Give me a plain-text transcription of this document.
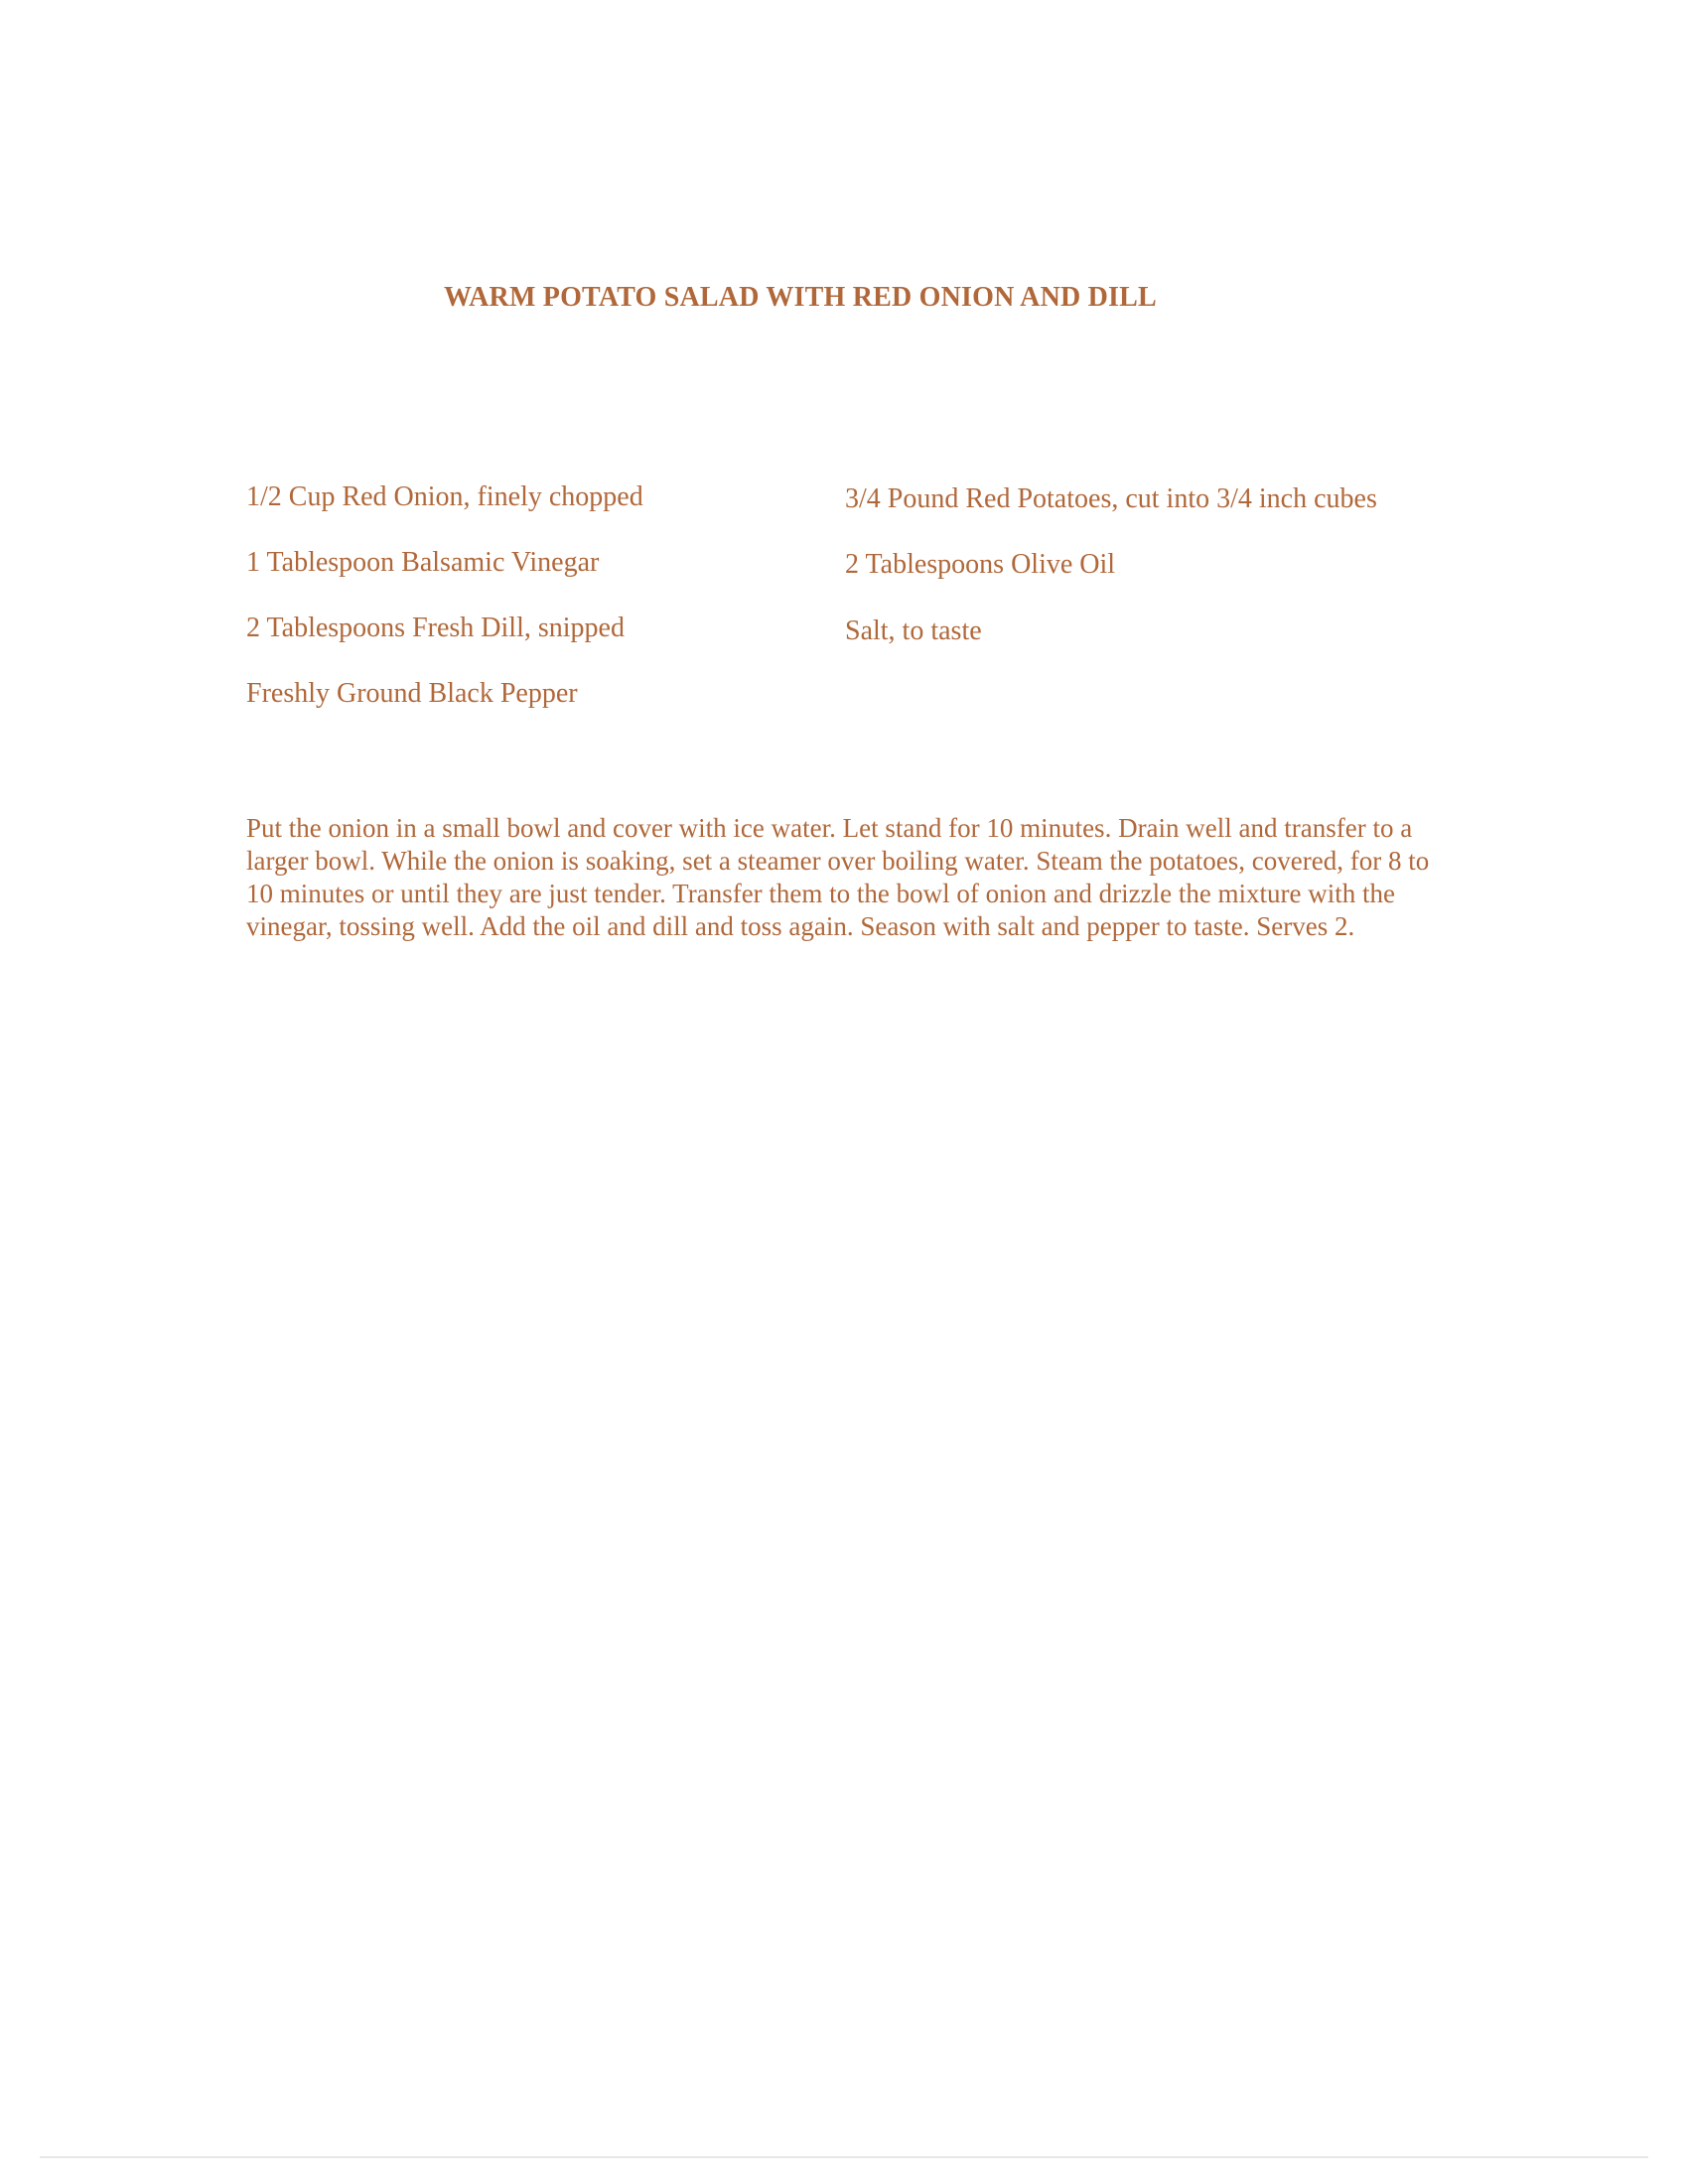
WARM POTATO SALAD WITH RED ONION AND DILL
1/2 Cup Red Onion, finely chopped
1 Tablespoon Balsamic Vinegar
2 Tablespoons Fresh Dill, snipped
Freshly Ground Black Pepper
3/4 Pound Red Potatoes, cut into 3/4 inch cubes
2 Tablespoons Olive Oil
Salt, to taste
Put the onion in a small bowl and cover with ice water. Let stand for 10 minutes. Drain well and transfer to a larger bowl. While the onion is soaking, set a steamer over boiling water. Steam the potatoes, covered, for 8 to 10 minutes or until they are just tender. Transfer them to the bowl of onion and drizzle the mixture with the vinegar, tossing well. Add the oil and dill and toss again. Season with salt and pepper to taste. Serves 2.
